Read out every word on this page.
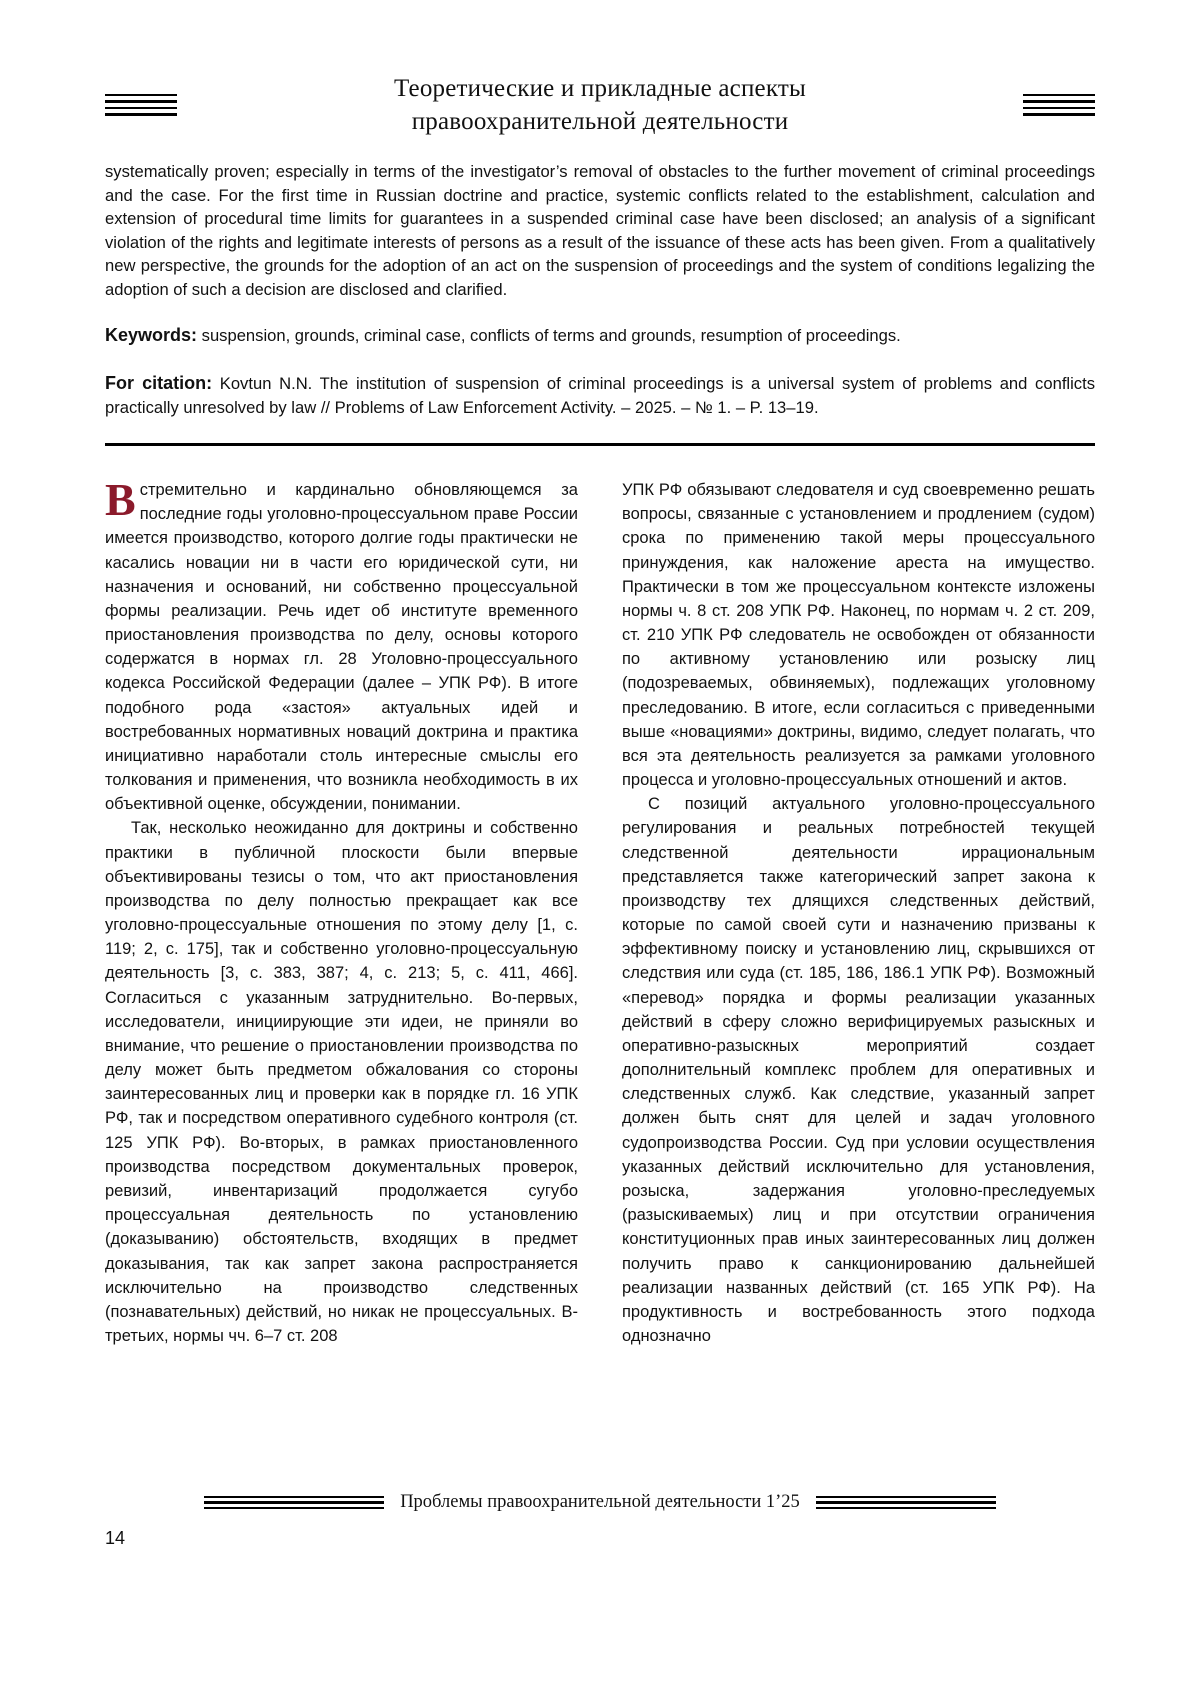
Теоретические и прикладные аспекты
правоохранительной деятельности

systematically proven; especially in terms of the investigator’s removal of obstacles to the further movement of criminal proceedings and the case. For the first time in Russian doctrine and practice, systemic conflicts related to the establishment, calculation and extension of procedural time limits for guarantees in a suspended criminal case have been disclosed; an analysis of a significant violation of the rights and legitimate interests of persons as a result of the issuance of these acts has been given. From a qualitatively new perspective, the grounds for the adoption of an act on the suspension of proceedings and the system of conditions legalizing the adoption of such a decision are disclosed and clarified.

Keywords: suspension, grounds, criminal case, conflicts of terms and grounds, resumption of proceedings.

For citation: Kovtun N.N. The institution of suspension of criminal proceedings is a universal system of problems and conflicts practically unresolved by law // Problems of Law Enforcement Activity. – 2025. – № 1. – P. 13–19.

Встремительно и кардинально обновляющемся за последние годы уголовно-процессуальном праве России имеется производство, которого долгие годы практически не касались новации ни в части его юридической сути, ни назначения и оснований, ни собственно процессуальной формы реализации. Речь идет об институте временного приостановления производства по делу, основы которого содержатся в нормах гл. 28 Уголовно-процессуального кодекса Российской Федерации (далее – УПК РФ). В итоге подобного рода «застоя» актуальных идей и востребованных нормативных новаций доктрина и практика инициативно наработали столь интересные смыслы его толкования и применения, что возникла необходимость в их объективной оценке, обсуждении, понимании.

Так, несколько неожиданно для доктрины и собственно практики в публичной плоскости были впервые объективированы тезисы о том, что акт приостановления производства по делу полностью прекращает как все уголовно-процессуальные отношения по этому делу [1, с. 119; 2, с. 175], так и собственно уголовно-процессуальную деятельность [3, с. 383, 387; 4, с. 213; 5, с. 411, 466]. Согласиться с указанным затруднительно. Во-первых, исследователи, инициирующие эти идеи, не приняли во внимание, что решение о приостановлении производства по делу может быть предметом обжалования со стороны заинтересованных лиц и проверки как в порядке гл. 16 УПК РФ, так и посредством оперативного судебного контроля (ст. 125 УПК РФ). Во-вторых, в рамках приостановленного производства посредством документальных проверок, ревизий, инвентаризаций продолжается сугубо процессуальная деятельность по установлению (доказыванию) обстоятельств, входящих в предмет доказывания, так как запрет закона распространяется исключительно на производство следственных (познавательных) действий, но никак не процессуальных. В-третьих, нормы чч. 6–7 ст. 208

УПК РФ обязывают следователя и суд своевременно решать вопросы, связанные с установлением и продлением (судом) срока по применению такой меры процессуального принуждения, как наложение ареста на имущество. Практически в том же процессуальном контексте изложены нормы ч. 8 ст. 208 УПК РФ. Наконец, по нормам ч. 2 ст. 209, ст. 210 УПК РФ следователь не освобожден от обязанности по активному установлению или розыску лиц (подозреваемых, обвиняемых), подлежащих уголовному преследованию. В итоге, если согласиться с приведенными выше «новациями» доктрины, видимо, следует полагать, что вся эта деятельность реализуется за рамками уголовного процесса и уголовно-процессуальных отношений и актов.

С позиций актуального уголовно-процессуального регулирования и реальных потребностей текущей следственной деятельности иррациональным представляется также категорический запрет закона к производству тех длящихся следственных действий, которые по самой своей сути и назначению призваны к эффективному поиску и установлению лиц, скрывшихся от следствия или суда (ст. 185, 186, 186.1 УПК РФ). Возможный «перевод» порядка и формы реализации указанных действий в сферу сложно верифицируемых разыскных и оперативно-разыскных мероприятий создает дополнительный комплекс проблем для оперативных и следственных служб. Как следствие, указанный запрет должен быть снят для целей и задач уголовного судопроизводства России. Суд при условии осуществления указанных действий исключительно для установления, розыска, задержания уголовно-преследуемых (разыскиваемых) лиц и при отсутствии ограничения конституционных прав иных заинтересованных лиц должен получить право к санкционированию дальнейшей реализации названных действий (ст. 165 УПК РФ). На продуктивность и востребованность этого подхода однозначно

Проблемы правоохранительной деятельности 1’25
14
